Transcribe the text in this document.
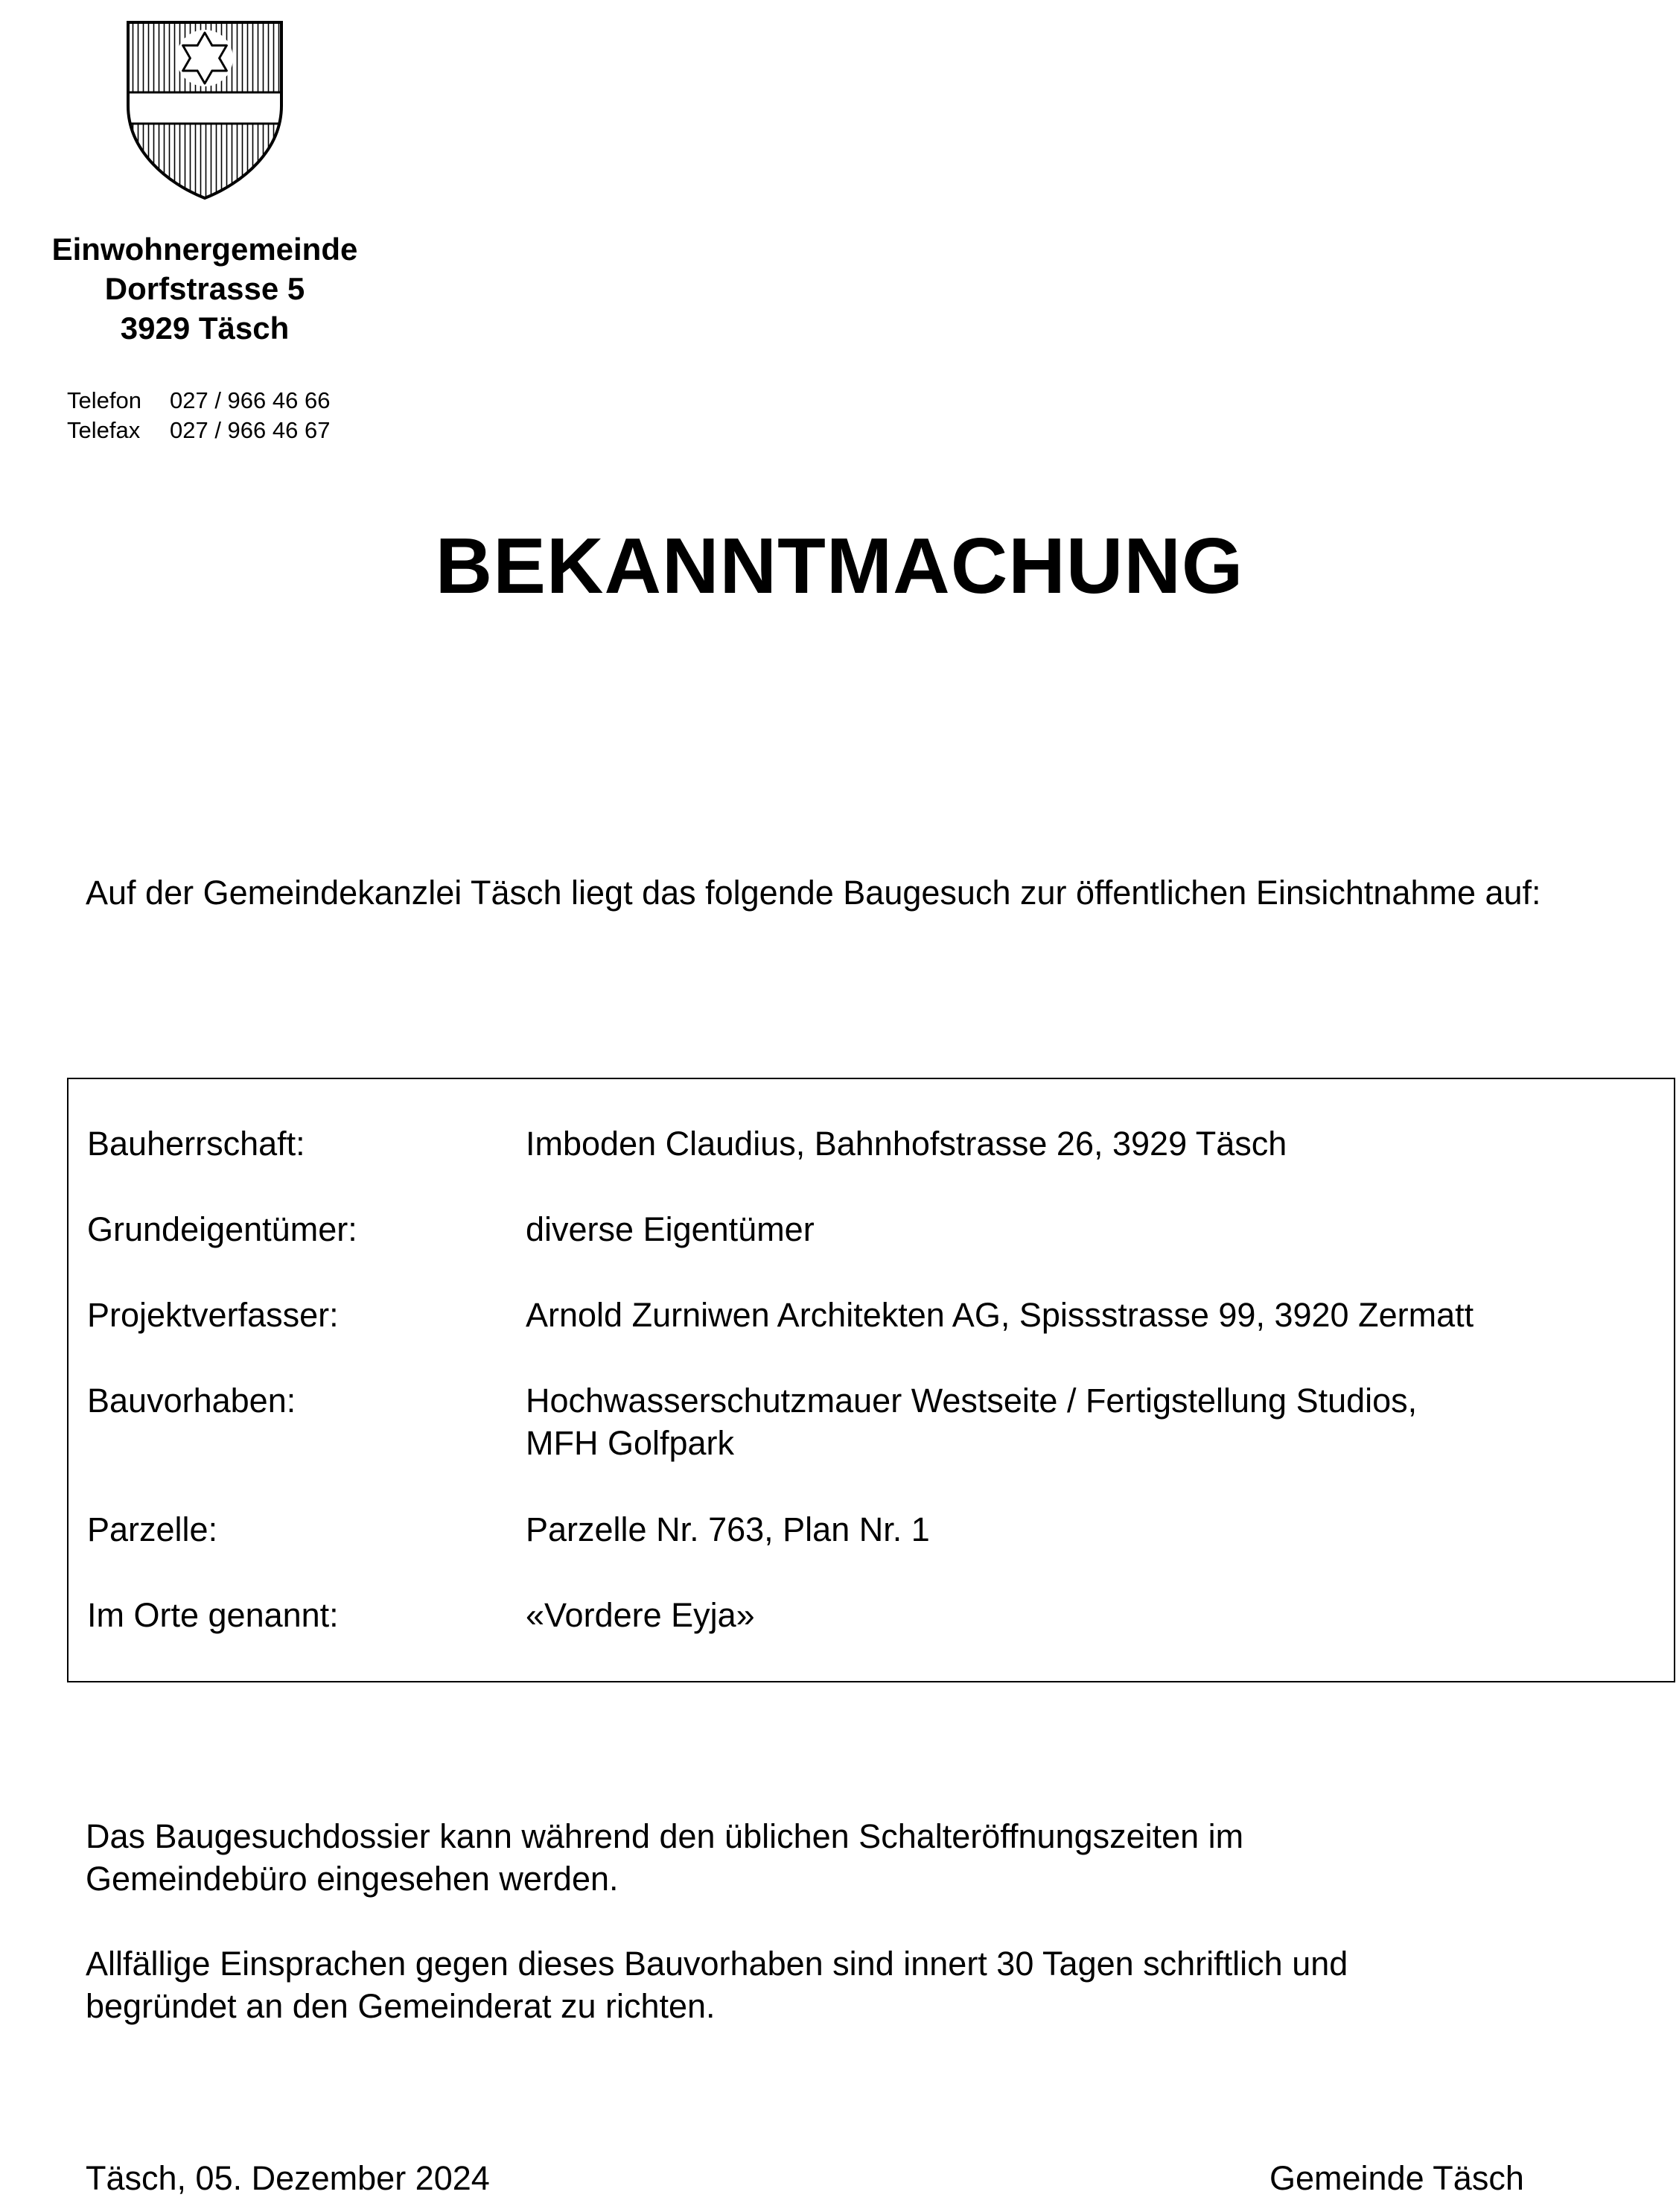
Einwohnergemeinde
Dorfstrasse 5
3929 Täsch
Telefon 027 / 966 46 66
Telefax 027 / 966 46 67
BEKANNTMACHUNG
Auf der Gemeindekanzlei Täsch liegt das folgende Baugesuch zur öffentlichen Einsichtnahme auf:
Bauherrschaft:	Imboden Claudius, Bahnhofstrasse 26, 3929 Täsch
Grundeigentümer:	diverse Eigentümer
Projektverfasser:	Arnold Zurniwen Architekten AG, Spissstrasse 99, 3920 Zermatt
Bauvorhaben:	Hochwasserschutzmauer Westseite / Fertigstellung Studios,
MFH Golfpark
Parzelle:	Parzelle Nr. 763, Plan Nr. 1
Im Orte genannt:	«Vordere Eyja»
Das Baugesuchdossier kann während den üblichen Schalteröffnungszeiten im
Gemeindebüro eingesehen werden.
Allfällige Einsprachen gegen dieses Bauvorhaben sind innert 30 Tagen schriftlich und
begründet an den Gemeinderat zu richten.
Täsch, 05. Dezember 2024	Gemeinde Täsch
